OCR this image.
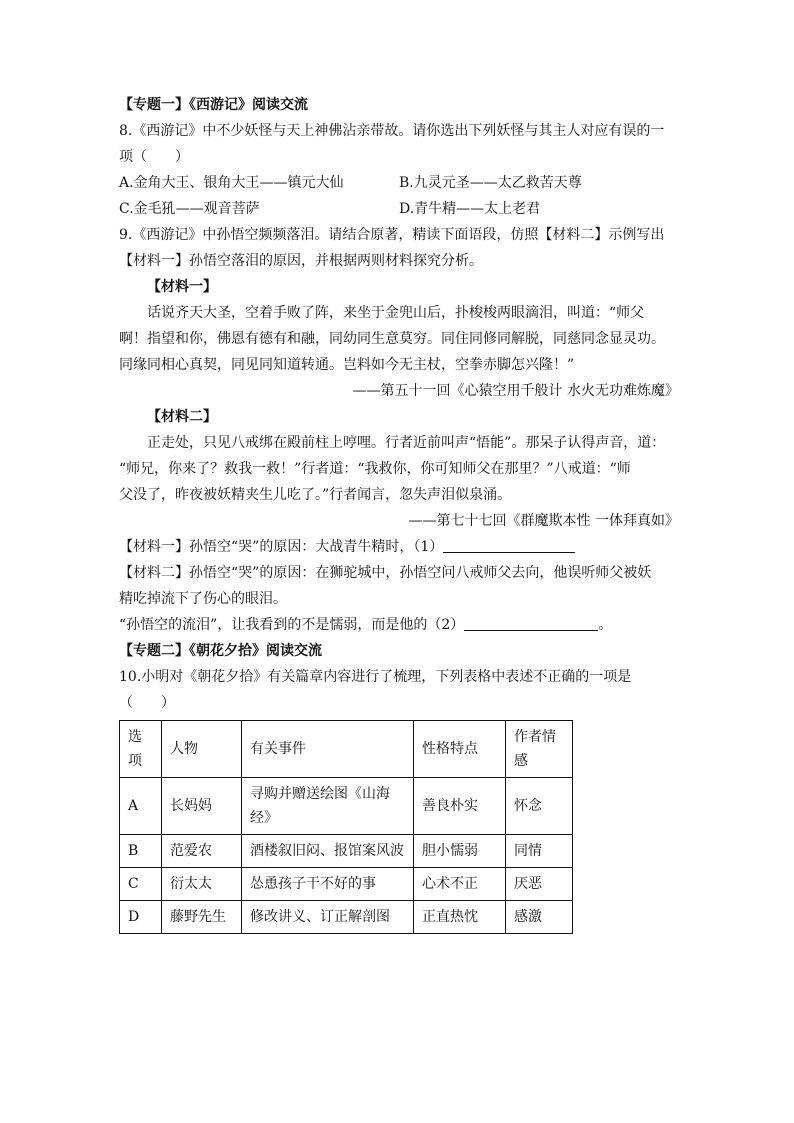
【专题一】《西游记》阅读交流
8.《西游记》中不少妖怪与天上神佛沾亲带故。请你选出下列妖怪与其主人对应有误的一
项（　　）
A.金角大王、银角大王——镇元大仙	B.九灵元圣——太乙救苦天尊
C.金毛犼——观音菩萨	D.青牛精——太上老君
9.《西游记》中孙悟空频频落泪。请结合原著，精读下面语段，仿照【材料二】示例写出
【材料一】孙悟空落泪的原因，并根据两则材料探究分析。
【材料一】
话说齐天大圣，空着手败了阵，来坐于金兜山后，扑梭梭两眼滴泪，叫道：“师父
啊！指望和你，佛恩有德有和融，同幼同生意莫穷。同住同修同解脱，同慈同念显灵功。
同缘同相心真契，同见同知道转通。岂料如今无主杖，空拳赤脚怎兴隆！”
——第五十一回《心猿空用千般计 水火无功难炼魔》
【材料二】
正走处，只见八戒绑在殿前柱上哼哩。行者近前叫声“悟能”。那呆子认得声音，道：
“师兄，你来了？救我一救！”行者道：“我救你，你可知师父在那里？”八戒道：“师
父没了，昨夜被妖精夹生儿吃了。”行者闻言，忽失声泪似泉涌。
——第七十七回《群魔欺本性 一体拜真如》
【材料一】孙悟空“哭”的原因：大战青牛精时，（1）
【材料二】孙悟空“哭”的原因：在狮驼城中，孙悟空问八戒师父去向，他误听师父被妖
精吃掉流下了伤心的眼泪。
“孙悟空的流泪”，让我看到的不是懦弱，而是他的（2）	。
【专题二】《朝花夕拾》阅读交流
10.小明对《朝花夕拾》有关篇章内容进行了梳理，下列表格中表述不正确的一项是
（　　）
选项	人物	有关事件	性格特点	作者情感
A	长妈妈	寻购并赠送绘图《山海经》	善良朴实	怀念
B	范爱农	酒楼叙旧闷、报馆案风波	胆小懦弱	同情
C	衍太太	怂恿孩子干不好的事	心术不正	厌恶
D	藤野先生	修改讲义、订正解剖图	正直热忱	感激
